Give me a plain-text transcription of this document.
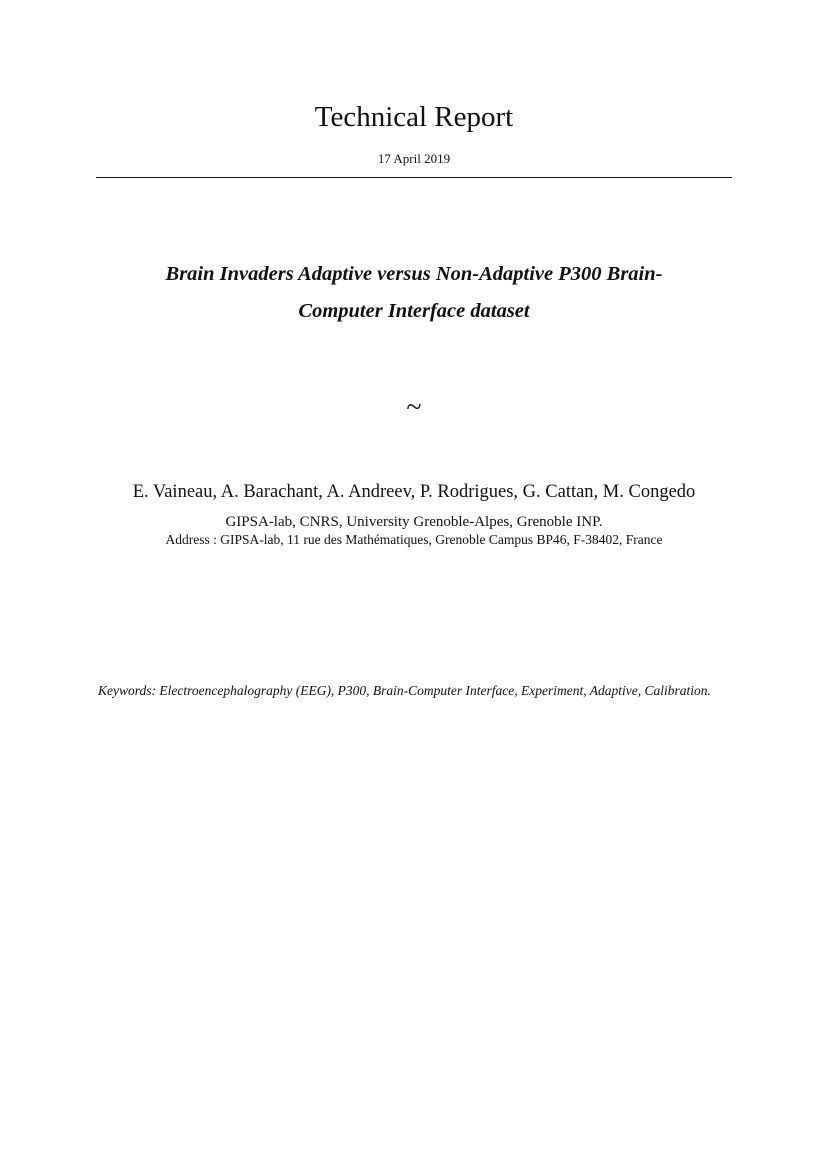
Technical Report
17 April 2019
Brain Invaders Adaptive versus Non-Adaptive P300 Brain-
Computer Interface dataset
~
E. Vaineau, A. Barachant, A. Andreev, P. Rodrigues, G. Cattan, M. Congedo
GIPSA-lab, CNRS, University Grenoble-Alpes, Grenoble INP.
Address : GIPSA-lab, 11 rue des Mathématiques, Grenoble Campus BP46, F-38402, France
Keywords: Electroencephalography (EEG), P300, Brain-Computer Interface, Experiment, Adaptive, Calibration.
